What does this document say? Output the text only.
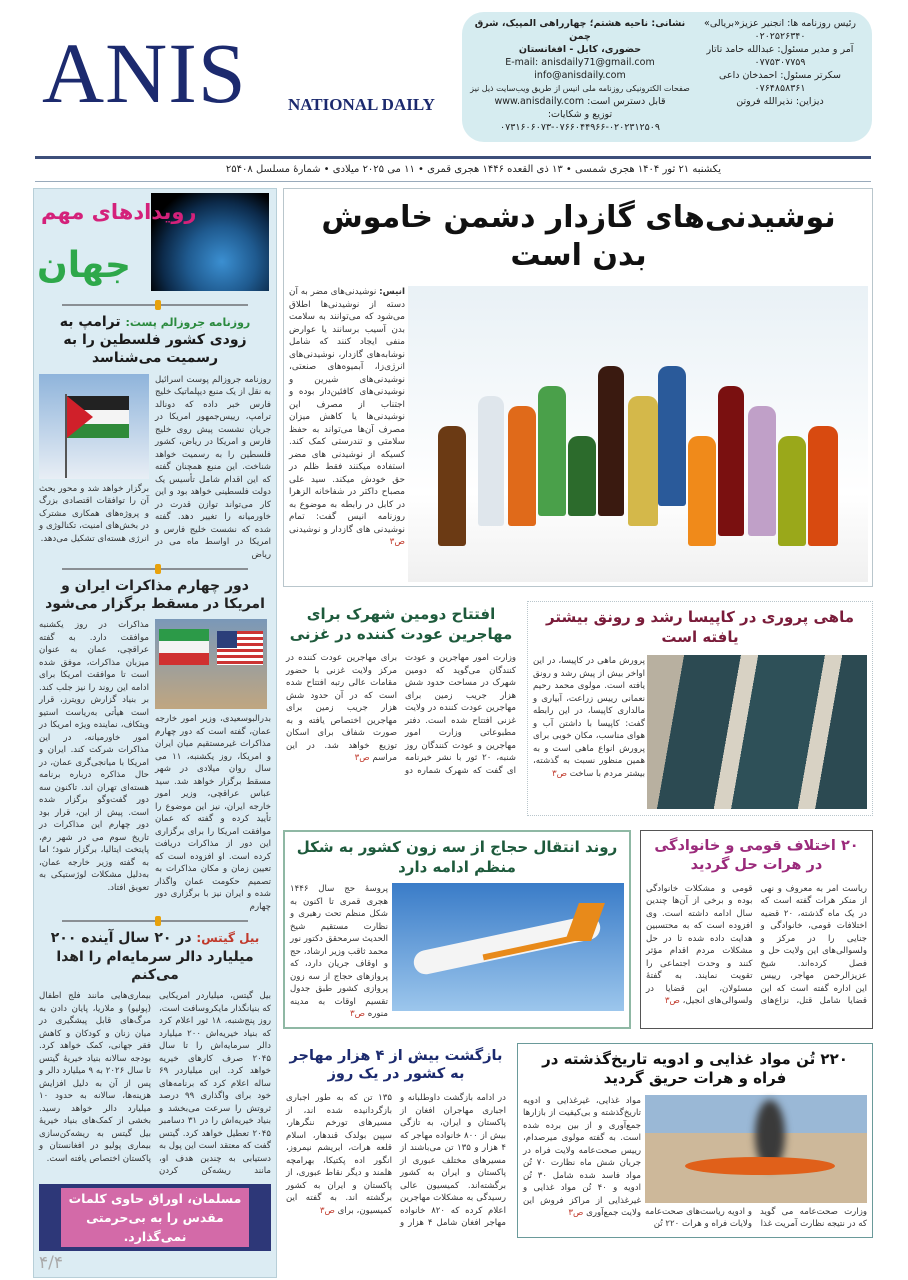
ANIS NATIONAL DAILY
نشانی: ناحیه هشتم؛ چهارراهی المپیک، شرق چمن
حضوری، کابل - افغانستان
E-mail: anisdaily71@gmail.com
info@anisdaily.com
صفحات الکترونیکی روزنامه ملی انیس از طریق ویب‌سایت ذیل نیز
قابل دسترس است: www.anisdaily.com
توزیع و شکایات:
۰۷۳۱۶۰۶۰۷۳-۰۷۶۶۰۴۴۹۶۶-۰۲۰۲۳۱۲۵۰۹
رئیس روزنامه ها: انجنیر عزیز«بریالی»
۰۲۰۲۵۲۶۳۴۰
آمر و مدیر مسئول: عبدالله حامد تاتار
۰۷۷۵۳۰۷۷۵۹
سکرتر مسئول: احمدخان داعی
۰۷۶۴۸۵۸۳۶۱
دیزاین: نذیرالله فروتن
یکشنبه ۲۱ ثور ۱۴۰۴ هجری شمسی • ۱۳ ذی القعده ۱۴۴۶ هجری قمری • ۱۱ می ۲۰۲۵ میلادی • شمارهٔ مسلسل ۲۵۴۰۸
رویدادهای مهم
جهان
روزنامه جروزالم پست: ترامپ به زودی کشور فلسطین را به رسمیت می‌شناسد
برگزار خواهد شد و محور بحث آن را توافقات اقتصادی بزرگ و پروژه‌های همکاری مشترک در بخش‌های امنیت، تکنالوژی و انرژی هسته‌ای تشکیل می‌دهد.
روزنامه جروزالم پوست اسرائیل به نقل از یک منبع دیپلماتیک خلیج فارس خبر داده که دونالد ترامپ، رییس‌جمهور امریکا در جریان نشست پیش روی خلیج فارس و امریکا در ریاض، کشور فلسطین را به رسمیت خواهد شناخت. این منبع همچنان گفته که این اقدام شامل تأسیس یک دولت فلسطینی خواهد بود و این کار می‌تواند توازن قدرت در خاورمیانه را تغییر دهد. گفته شده که نشست خلیج فارس و امریکا در اواسط ماه می در ریاض
دور چهارم مذاکرات ایران و امریکا در مسقط برگزار می‌شود
مذاکرات در روز یکشنبه موافقت دارد. به گفته عراقچی، عمان به عنوان میزبان مذاکرات، موفق شده است تا موافقت امریکا برای ادامه این روند را نیز جلب کند. بر بنیاد گزارش رویترز، قرار است هیأتی به‌ریاست استیو ویتکاف، نماینده ویژه امریکا در امور خاورمیانه، در این مذاکرات شرکت کند. ایران و امریکا با میانجی‌گری عمان، در حال مذاکره درباره برنامه هسته‌ای تهران اند. تاکنون سه دور گفت‌وگو برگزار شده است. پیش از این، قرار بود دور چهارم این مذاکرات در تاریخ سوم می در شهر رم، پایتخت ایتالیا، برگزار شود؛ اما به گفته وزیر خارجه عمان، به‌دلیل مشکلات لوژستیکی به تعویق افتاد.
بدرالبوسعیدی، وزیر امور خارجه عمان، گفته است که دور چهارم مذاکرات غیرمستقیم میان ایران و امریکا، روز یکشنبه، ۱۱ می سال روان میلادی در شهر مسقط برگزار خواهد شد. سید عباس عراقچی، وزیر امور خارجه ایران، نیز این موضوع را تأیید کرده و گفته که عمان موافقت امریکا را برای برگزاری این دور از مذاکرات دریافت کرده است. او افزوده است که تعیین زمان و مکان مذاکرات به تصمیم حکومت عمان واگذار شده و ایران نیز با برگزاری دور چهارم
بیل گیتس: در ۲۰ سال آینده ۲۰۰ میلیارد دالر سرمایه‌ام را اهدا می‌کنم
بیل گیتس، میلیاردر امریکایی که بنیانگذار مایکروسافت است، روز پنج‌شنبه، ۱۸ ثور اعلام کرد که بنیاد خیریه‌اش ۲۰۰ میلیارد دالر سرمایه‌اش را تا سال ۲۰۴۵ صرف کارهای خیریه خواهد کرد. این میلیاردر ۶۹ ساله اعلام کرد که برنامه‌های خود برای واگذاری ۹۹ درصد ثروتش را سرعت می‌بخشد و بنیاد خیریه‌اش را در ۳۱ دسامبر ۲۰۴۵ تعطیل خواهد کرد. گیتس گفت که معتقد است این پول به دستیابی به چندین هدف او، مانند ریشه‌کن کردن بیماری‌هایی مانند فلج اطفال (پولیو) و ملاریا، پایان دادن به مرگ‌های قابل پیشگیری در میان زنان و کودکان و کاهش فقر جهانی، کمک خواهد کرد. بودجه سالانه بنیاد خیریهٔ گیتس تا سال ۲۰۲۶ به ۹ میلیارد دالر و پس از آن به دلیل افزایش هزینه‌ها، سالانه به حدود ۱۰ میلیارد دالر خواهد رسید. بخشی از کمک‌های بنیاد خیریهٔ بیل گیتس به ریشه‌کن‌سازی بیماری پولیو در افغانستان و پاکستان اختصاص یافته است.
مسلمان، اوراق حاوی کلمات مقدس را به بی‌حرمتی نمی‌گذارد.
۴/۴
نوشیدنی‌های گازدار دشمن خاموش بدن است
انیس: نوشیدنی‌های مضر به آن دسته از نوشیدنی‌ها اطلاق می‌شود که می‌توانند به سلامت بدن آسیب برسانند یا عوارض منفی ایجاد کنند که شامل نوشابه‌های گازدار، نوشیدنی‌های انرژی‌زا، آبمیوه‌های صنعتی، نوشیدنی‌های شیرین و نوشیدنی‌های کافئین‌دار بوده و اجتناب از مصرف این نوشیدنی‌ها یا کاهش میزان مصرف آن‌ها می‌تواند به حفظ سلامتی و تندرستی کمک کند. کسیکه از نوشیدنی های مضر استفاده میکنند فقط ظلم در حق خودش میکند. سید علی مصباح داکتر در شفاخانه الزهرا در کابل در رابطه به موضوع به روزنامه انیس گفت: تمام نوشیدنی های گازدار و نوشیدنی ص۳
افتتاح دومین شهرک برای مهاجرین عودت کننده در غزنی
وزارت امور مهاجرین و عودت کنندگان می‌گوید که دومین شهرک در مساحت حدود شش هزار جریب زمین برای مهاجرین عودت کننده در ولایت غزنی افتتاح شده است. دفتر مطبوعاتی وزارت امور مهاجرین و عودت کنندگان روز شنبه، ۲۰ ثور با نشر خبرنامه ای گفت که شهرک شماره دو برای مهاجرین عودت کننده در مرکز ولایت غزنی با حضور مقامات عالی رتبه افتتاح شده است که در آن حدود شش هزار جریب زمین برای مهاجرین اختصاص یافته و به صورت شفاف برای اسکان توزیع خواهد شد. در این مراسم ص۳
ماهی پروری در کاپیسا رشد و رونق بیشتر یافته است
پرورش ماهی در کاپیسا، در این اواخر بیش از پیش رشد و رونق یافته است. مولوی محمد رحیم نعمانی رییس زراعت، آبیاری و مالداری کاپیسا، در این رابطه گفت: کاپیسا با داشتن آب و هوای مناسب، مکان خوبی برای پرورش انواع ماهی است و به همین منظور نسبت به گذشته، بیشتر مردم با ساخت ص۳
روند انتقال حجاج از سه زون کشور به شکل منظم ادامه دارد
پروسهٔ حج سال ۱۴۴۶ هجری قمری تا اکنون به شکل منظم تحت رهبری و نظارت مستقیم شیخ الحدیث سرمحقق دکتور نور محمد ثاقب وزیر ارشاد، حج و اوقاف جریان دارد، که پروازهای حجاج از سه زون پروازی کشور طبق جدول تقسیم اوقات به مدینه منوره ص۳
۲۰ اختلاف قومی و خانوادگی در هرات حل گردید
ریاست امر به معروف و نهی از منکر هرات گفته است که در یک ماه گذشته، ۲۰ قضیه اختلافات قومی، خانوادگی و جنایی را در مرکز و ولسوالی‌های این ولایت حل و فصل کرده‌اند. شیخ عزیزالرحمن مهاجر، رییس این اداره گفته است که این قضایا شامل قتل، نزاع‌های قومی و مشکلات خانوادگی بوده و برخی از آن‌ها چندین سال ادامه داشته است. وی افزوده است که به محتسبین هدایت داده شده تا در حل مشکلات مردم اقدام مؤثر کنند و وحدت اجتماعی را تقویت نمایند. به گفتهٔ مسئولان، این قضایا در ولسوالی‌های انجیل، ص۳
بازگشت بیش از ۴ هزار مهاجر به کشور در یک روز
در ادامه بازگشت داوطلبانه و اجباری مهاجران افغان از پاکستان و ایران، به تازگی بیش از ۸۰۰ خانواده مهاجر که ۴ هزار و ۱۳۵ تن می‌باشند از مسیرهای مختلف عبوری از پاکستان و ایران به کشور برگشته‌اند. کمیسیون عالی رسیدگی به مشکلات مهاجرین اعلام کرده که ۸۲۰ خانواده مهاجر افغان شامل ۴ هزار و ۱۳۵ تن که به طور اجباری بازگردانیده شده اند، از مسیرهای تورخم ننگرهار، سپین بولدک قندهار، اسلام قلعه هرات، ابریشم نیمروز، انگور اده پکتیکا، بهرامچه هلمند و دیگر نقاط عبوری، از پاکستان و ایران به کشور برگشته اند. به گفته این کمیسیون، برای ص۳
۲۲۰ تُن مواد غذایی و ادویه تاریخ‌گذشته در فراه و هرات حریق گردید
مواد غذایی، غیرغذایی و ادویه تاریخ‌گذشته و بی‌کیفیت از بازارها جمع‌آوری و از بین برده شده است. به گفته مولوی میرصدام، رییس صحت‌عامه ولایت فراه در جریان شش ماه نظارت ۷۰ تُن مواد فاسد شده شامل ۳۰ تُن ادویه و ۴۰ تُن مواد غذایی و غیرغذایی از مراکز فروش این ولایت جمع‌آوری ص۳	و ادویه ریاست‌های صحت‌عامه ولایات فراه و هرات ۲۲۰ تُن
وزارت صحت‌عامه می گوید که در نتیجه نظارت آمریت غذا
